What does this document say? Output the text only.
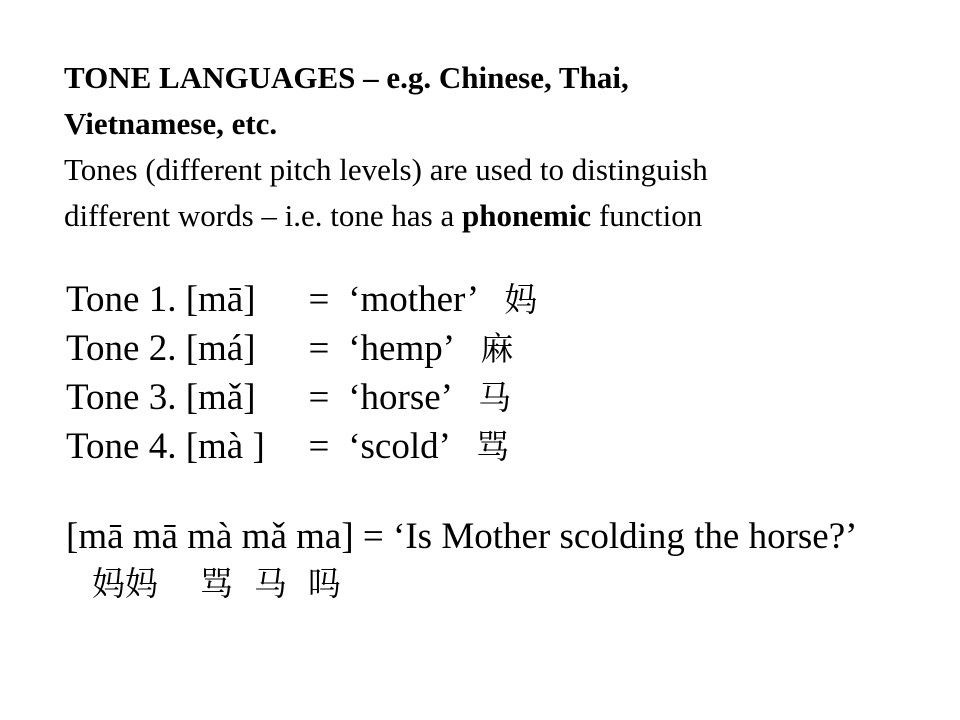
TONE LANGUAGES – e.g. Chinese, Thai,
Vietnamese, etc.
Tones (different pitch levels) are used to distinguish
different words – i.e. tone has a phonemic function
Tone 1. [mā] = ‘mother’ 妈
Tone 2. [má] = ‘hemp’ 麻
Tone 3. [mǎ] = ‘horse’ 马
Tone 4. [mà ] = ‘scold’ 骂
[mā mā mà mǎ ma] = ‘Is Mother scolding the horse?’
妈妈    骂  马  吗
